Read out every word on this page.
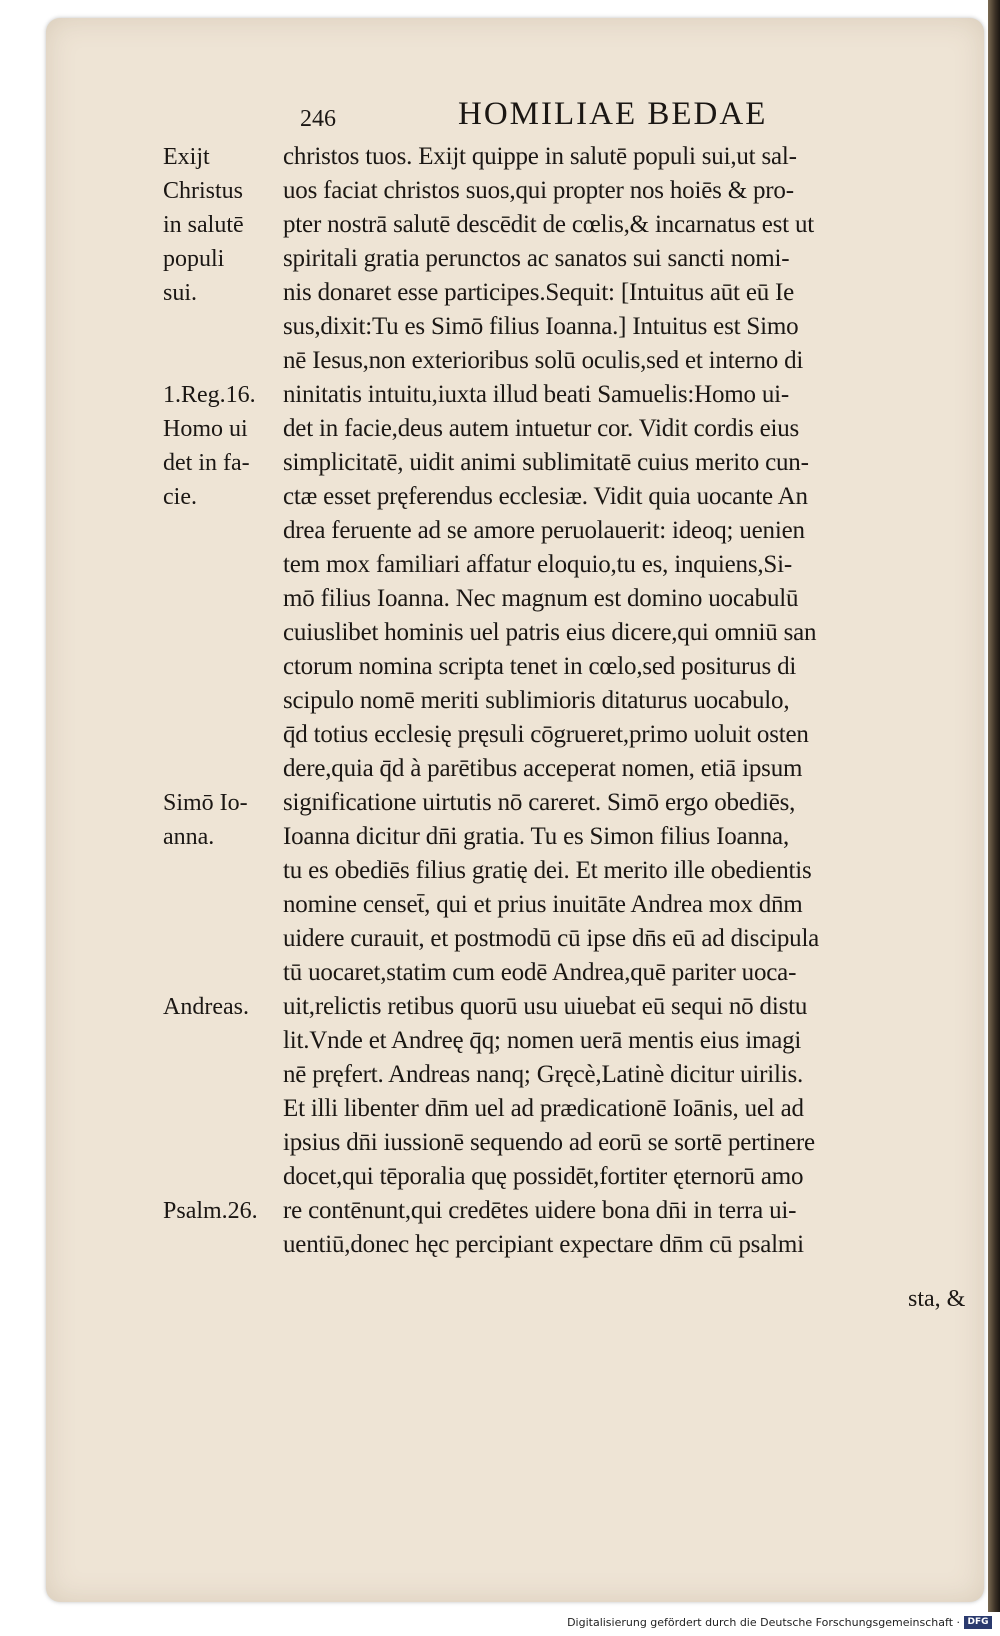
246	HOMILIAE BEDAE
Exijt	christos tuos. Exijt quippe in salutē populi sui,ut sal-
Christus uos faciat christos suos,qui propter nos hoiēs & pro-
in salutē pter nostrā salutē descēdit de cœlis,& incarnatus est ut
populi spiritali gratia perunctos ac sanatos sui sancti nomi-
sui.	nis donaret esse participes.Sequit: [Intuitus aūt eū Ie
sus,dixit:Tu es Simō filius Ioanna.] Intuitus est Simo
nē Iesus,non exterioribus solū oculis,sed et interno di
1.Reg.16. ninitatis intuitu,iuxta illud beati Samuelis:Homo ui-
Homo ui det in facie,deus autem intuetur cor. Vidit cordis eius
det in fa- simplicitatē, uidit animi sublimitatē cuius merito cun-
cie.	ctæ esset pręferendus ecclesiæ. Vidit quia uocante An
drea feruente ad se amore peruolauerit: ideoq; uenien
tem mox familiari affatur eloquio,tu es, inquiens,Si-
mō filius Ioanna. Nec magnum est domino uocabulū
cuiuslibet hominis uel patris eius dicere,qui omniū san
ctorum nomina scripta tenet in cœlo,sed positurus di
scipulo nomē meriti sublimioris ditaturus uocabulo,
q̄d totius ecclesię pręsuli cōgrueret,primo uoluit osten
dere,quia q̄d à parētibus acceperat nomen, etiā ipsum
Simō Io- significatione uirtutis nō careret. Simō ergo obediēs,
anna.	Ioanna dicitur dn̄i gratia. Tu es Simon filius Ioanna,
tu es obediēs filius gratię dei. Et merito ille obedientis
nomine censet̄, qui et prius inuitāte Andrea mox dn̄m
uidere curauit, et postmodū cū ipse dn̄s eū ad discipula
tū uocaret,statim cum eodē Andrea,quē pariter uoca-
Andreas. uit,relictis retibus quorū usu uiuebat eū sequi nō distu
lit.Vnde et Andreę q̄q; nomen uerā mentis eius imagi
nē pręfert. Andreas nanq; Gręcè,Latinè dicitur uirilis.
Et illi libenter dn̄m uel ad prædicationē Ioānis, uel ad
ipsius dn̄i iussionē sequendo ad eorū se sortē pertinere
docet,qui tēporalia quę possidēt,fortiter ęternorū amo
Psalm.26. re contēnunt,qui credētes uidere bona dn̄i in terra ui-
uentiū,donec hęc percipiant expectare dn̄m cū psalmi
sta, &
Digitalisierung gefördert durch die Deutsche Forschungsgemeinschaft · DFG
